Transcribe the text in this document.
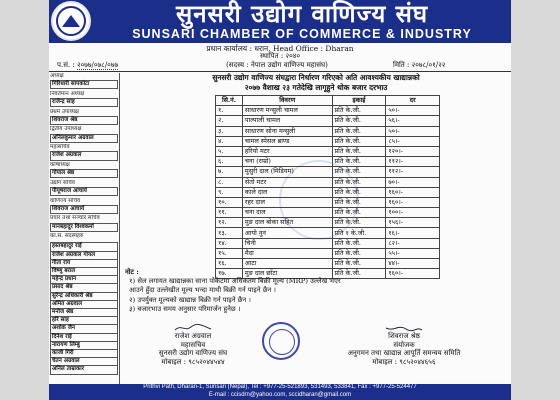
सुनसरी उद्योग वाणिज्य संघ
SUNSARI CHAMBER OF COMMERCE & INDUSTRY
प्रधान कार्यालय : धरान, Head Office : Dharan
स्थापित : २०४०
प.सं. : २०७७/०७८/०७७	(सदस्य : नेपाल उद्योग वाणिज्य महासंघ)	मिति : २०७८/०१/२२
अध्यक्ष
गिरिधारी सापकोटा
निवर्तमान अध्यक्ष
राजेन्द्र साह
प्रथम उपाध्यक्ष
शिवराज श्रेष्ठ
द्वितीय उपाध्यक्ष
अनिलकुमार अग्रवाल
महासचिव
राजेश अग्रवाल
कोषाध्यक्ष
गोपाल श्रेष्ठ
उद्योग सचिव
पीयूषराज आचार्य
वाणिज्य सचिव
शिवराज आचार्य
प्रचार तथा सञ्चार सचिव
मानबहादुर विश्वकर्मा
का.स. सदस्यहरु
हस्तबहादुर राई
राजेश अग्रवाल गोयल
गीता राय
विष्णु बराल
महेन्द्र प्रधान
प्रसाद श्रेष्ठ
सुरेन्द्र अधिकारी श्रेष्ठ
अमित अग्रवाल
मनोज श्रेष्ठ
हरि साह
अशोक जैन
दिनेश राई
नारायण लिम्बु
काजी गिरी
चेतन अग्रवाल
अनिल ताम्राकार
सुनसरी उद्योग वाणिज्य संघद्वारा निर्धारण गरिएको अति आवश्यकीय खाद्यान्नको
२०७७ वैशाख २३ गतेदेखि लागूहुने थोक बजार दरभाउ
सि.नं.	विवरण	इकाई	दर
१.	साधारण मन्सुली चामल	प्रति के.जी.	५०।-
२.	पाल्पाली चामल	प्रति के.जी.	५६।-
३.	साधारण सोना मन्सुली	प्रति के.जी.	५०।-
४.	चामल स्पेसल ब्राण्ड	प्रति के.जी.	८५।-
५.	हरियो मटर	प्रति के.जी.	१२०।-
६.	चना (राम्रो)	प्रति के.जी.	११२।-
७.	मुसुरी दाल (मिडियम)	प्रति के.जी.	११२।-
८.	सेतो मटर	प्रति के.जी.	७०।-
९.	काले दाल	प्रति के.जी.	१६०।-
१०.	रहर दाल	प्रति के.जी.	१६०।-
११.	चना दाल	प्रति के.जी.	१००।-
१२.	मुङ दाल बोका सहित	प्रति के.जी.	१५६।-
१३.	आयो नुन	प्रति १ के.जी.	१६।-
१४.	चिनी	प्रति के.जी.	८२।-
१५.	मैदा	प्रति के.जी.	५५।-
१६.	आटा	प्रति के.जी.	४४।-
१७.	मुङ दाल छाँटा	प्रति के.जी.	१६०।-
नोट :
१) सेल लगायत खाद्यान्नका साना पोकेटमा अधिकतम बिक्री मूल्य (MRP) उल्लेख भएर
आउने हुँदा उल्लेखीत मूल्य भन्दा माथी बिक्री गर्न पाइने छैन ।
२) उपर्युक्त मूल्यको खाद्यान्न बिक्री गर्न पाइने छैन ।
३) बजारभाउ समय अनुसार परिमार्जन हुनेछ ।
राजेश अग्रवाल
महासचिव
सुनसरी उद्योग वाणिज्य संघ
मोबाइल : ९८५२०४४५४४
शिवराज श्रेष्ठ
संयोजक
अनुगमन तथा खाद्यान्न आपूर्ति समन्वय समिति
मोबाइल : ९८५२०४४६५६
Prithvi Path, Dharan-1, Sunsari (Nepal), Tel : +977-25-521893, 531493, 533841, Fax : +977-25-524477
E-mail : ccisdrn@yahoo.com, sccidharan@gmail.com
